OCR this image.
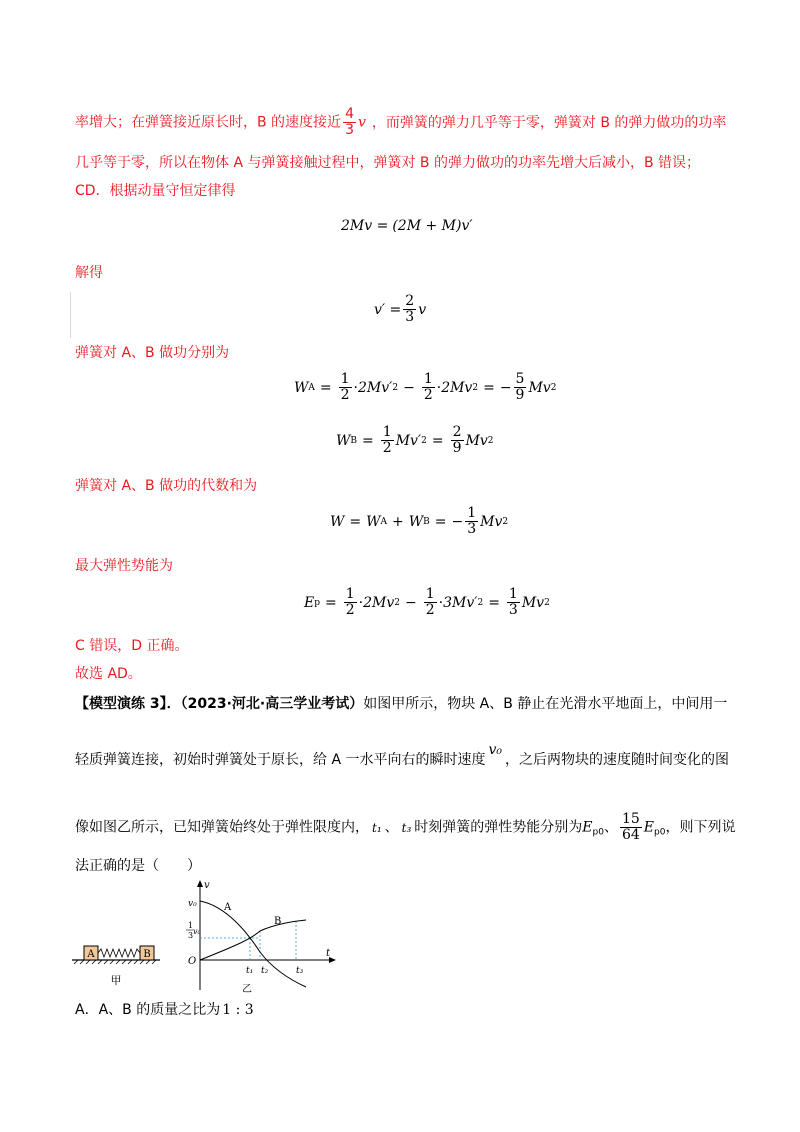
率增大；在弹簧接近原长时，B 的速度接近 $\frac{4}{3}$ v ，而弹簧的弹力几乎等于零，弹簧对 B 的弹力做功的功率
几乎等于零，所以在物体 A 与弹簧接触过程中，弹簧对 B 的弹力做功的功率先增大后减小，B 错误；
CD．根据动量守恒定律得
2Mv = (2M + M)v′
解得
$v' = \frac{2}{3}$ v
弹簧对 A、B 做功分别为
W $A = \frac{1}{2} \cdot 2Mv'$ $2 - \frac{1}{2} \cdot 2Mv$ 2 = − $\frac{5}{9}$ Mv 2
W $B = \frac{1}{2} Mv'$ $2 = \frac{2}{9}$ Mv 2
弹簧对 A、B 做功的代数和为
W = W A + W B = − $\frac{1}{3}$ Mv 2
最大弹性势能为
E $p = \frac{1}{2} \cdot 2Mv$ $2 - \frac{1}{2} \cdot 3Mv'$ $2 = \frac{1}{3}$ Mv 2
C 错误，D 正确。
故选 AD。
【模型演练 3】．（2023·河北·高三学业考试）如图甲所示，物块 A、B 静止在光滑水平地面上，中间用一
轻质弹簧连接，初始时弹簧处于原长，给 A 一水平向右的瞬时速度v₀，之后两物块的速度随时间变化的图
像如图乙所示，已知弹簧始终处于弹性限度内， t₁ 、 t₃ 时刻弹簧的弹性势能分别为$E_{p0}$、 $\frac{15}{64} E_{p0}$，则下列说
法正确的是（　　）
A	B
甲
v
t
O
v₀
1
3 v₀
A
B
t₁ t₂	t₃
乙
A．A、B 的质量之比为 1 : 3
